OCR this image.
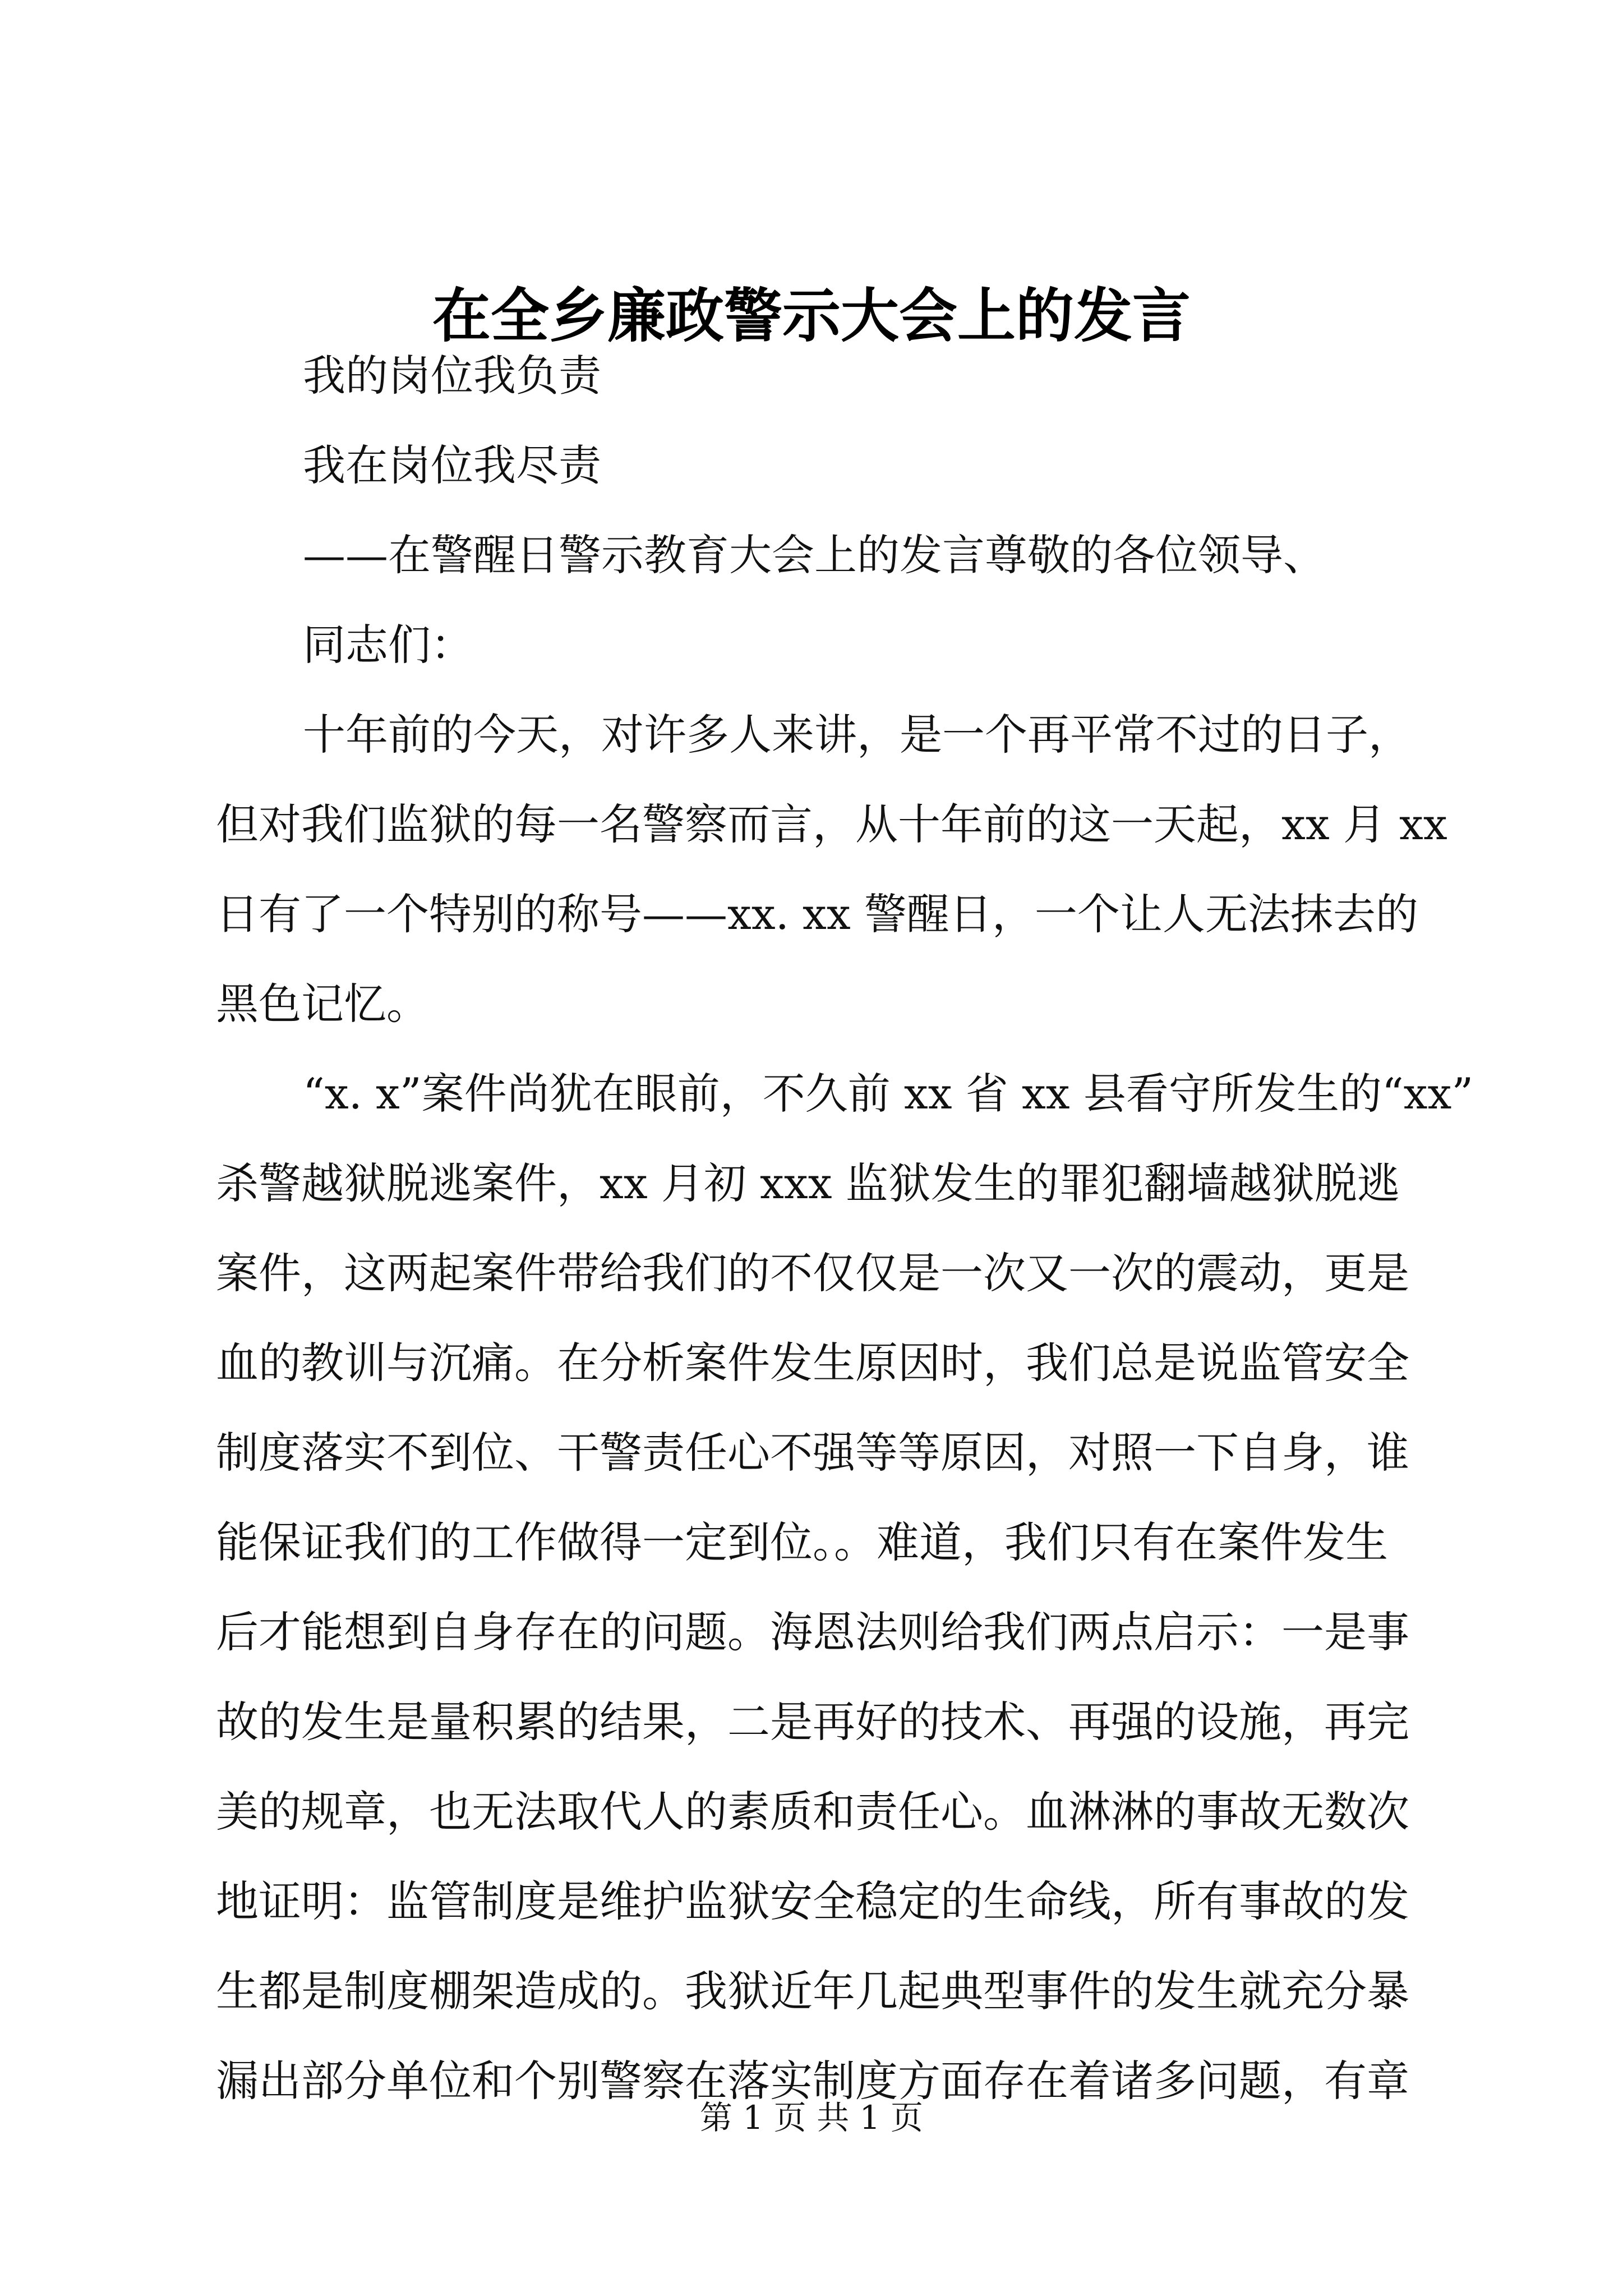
在全乡廉政警示大会上的发言
我的岗位我负责
我在岗位我尽责
——在警醒日警示教育大会上的发言尊敬的各位领导、
同志们：
十年前的今天，对许多人来讲，是一个再平常不过的日子，
但对我们监狱的每一名警察而言，从十年前的这一天起，xx 月 xx
日有了一个特别的称号——xx. xx 警醒日，一个让人无法抹去的
黑色记忆。
“x. x”案件尚犹在眼前，不久前 xx 省 xx 县看守所发生的“xx”
杀警越狱脱逃案件，xx 月初 xxx 监狱发生的罪犯翻墙越狱脱逃
案件，这两起案件带给我们的不仅仅是一次又一次的震动，更是
血的教训与沉痛。在分析案件发生原因时，我们总是说监管安全
制度落实不到位、干警责任心不强等等原因，对照一下自身，谁
能保证我们的工作做得一定到位。。难道，我们只有在案件发生
后才能想到自身存在的问题。海恩法则给我们两点启示：一是事
故的发生是量积累的结果，二是再好的技术、再强的设施，再完
美的规章，也无法取代人的素质和责任心。血淋淋的事故无数次
地证明：监管制度是维护监狱安全稳定的生命线，所有事故的发
生都是制度棚架造成的。我狱近年几起典型事件的发生就充分暴
漏出部分单位和个别警察在落实制度方面存在着诸多问题，有章
第 1 页 共 1 页
